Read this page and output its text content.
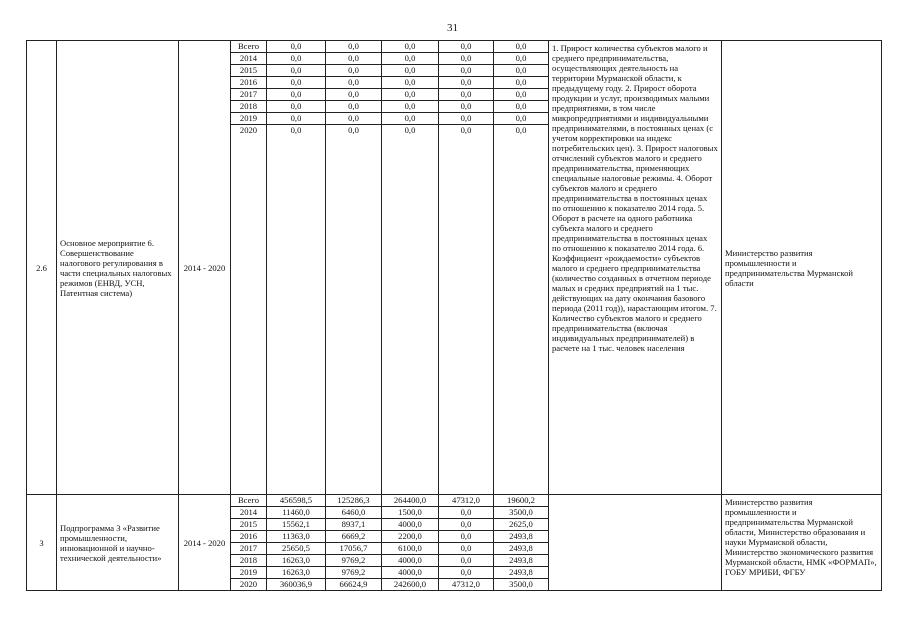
31
2.6	Основное мероприятие 6. Совершенствование налогового регулирования в части специальных налоговых режимов (ЕНВД, УСН, Патентная система)	2014 - 2020	Всего	0,0	0,0	0,0	0,0	0,0	1. Прирост количества субъектов малого и среднего предпринимательства, осуществляющих деятельность на территории Мурманской области, к предыдущему году. 2. Прирост оборота продукции и услуг, производимых малыми предприятиями, в том числе микропредприятиями и индивидуальными предпринимателями, в постоянных ценах (с учетом корректировки на индекс потребительских цен). 3. Прирост налоговых отчислений субъектов малого и среднего предпринимательства, применяющих специальные налоговые режимы. 4. Оборот субъектов малого и среднего предпринимательства в постоянных ценах по отношению к показателю 2014 года. 5. Оборот в расчете на одного работника субъекта малого и среднего предпринимательства в постоянных ценах по отношению к показателю 2014 года. 6. Коэффициент «рождаемости» субъектов малого и среднего предпринимательства (количество созданных в отчетном периоде малых и средних предприятий на 1 тыс. действующих на дату окончания базового периода (2011 год)), нарастающим итогом. 7. Количество субъектов малого и среднего предпринимательства (включая индивидуальных предпринимателей) в расчете на 1 тыс. человек населения	Министерство развития промышленности и предпринимательства Мурманской области
			2014	0,0	0,0	0,0	0,0	0,0		
			2015	0,0	0,0	0,0	0,0	0,0		
			2016	0,0	0,0	0,0	0,0	0,0		
			2017	0,0	0,0	0,0	0,0	0,0		
			2018	0,0	0,0	0,0	0,0	0,0		
			2019	0,0	0,0	0,0	0,0	0,0		
			2020	0,0	0,0	0,0	0,0	0,0		

3	Подпрограмма 3 «Развитие промышленности, инновационной и научно-технической деятельности»	2014 - 2020	Всего	456598,5	125286,3	264400,0	47312,0	19600,2		Министерство развития промышленности и предпринимательства Мурманской области, Министерство образования и науки Мурманской области, Министерство экономического развития Мурманской области, НМК «ФОРМАП», ГОБУ МРИБИ, ФГБУ
			2014	11460,0	6460,0	1500,0	0,0	3500,0		
			2015	15562,1	8937,1	4000,0	0,0	2625,0		
			2016	11363,0	6669,2	2200,0	0,0	2493,8		
			2017	25650,5	17056,7	6100,0	0,0	2493,8		
			2018	16263,0	9769,2	4000,0	0,0	2493,8		
			2019	16263,0	9769,2	4000,0	0,0	2493,8		
			2020	360036,9	66624,9	242600,0	47312,0	3500,0		
